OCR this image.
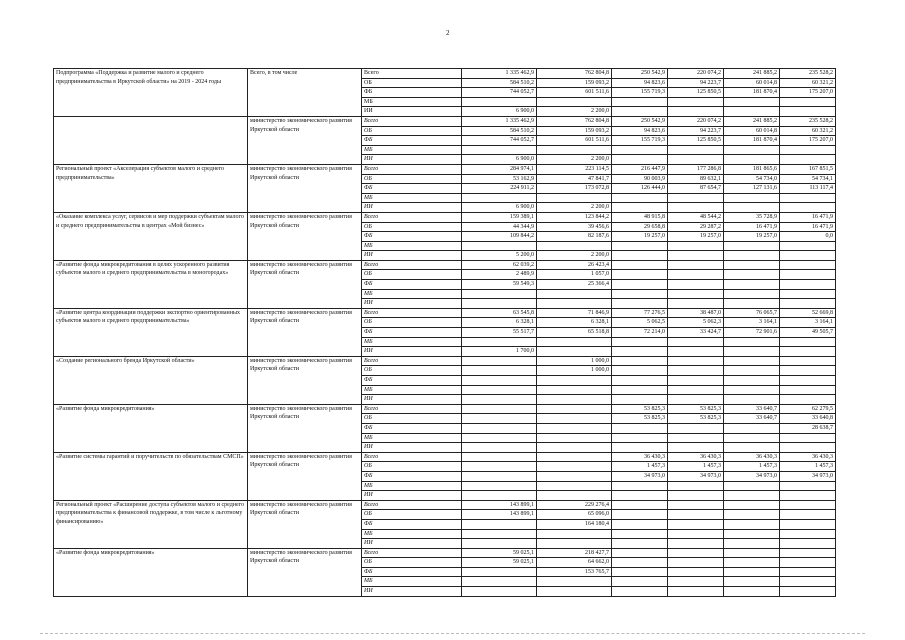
2
Подпрограмма «Поддержка и развитие малого и среднего предпринимательства в Иркутской области» на 2019 - 2024 годы	Всего, в том числе	Всего	1 335 462,9	762 804,8	250 542,9	220 074,2	241 885,2	235 528,2
		ОБ	584 510,2	159 093,2	94 823,6	94 223,7	60 014,8	60 321,2
		ФБ	744 052,7	601 511,6	155 719,3	125 850,5	181 870,4	175 207,0
		МБ						
		ИИ	6 900,0	2 200,0				
	министерство экономического развития Иркутской области	Всего	1 335 462,9	762 804,8	250 542,9	220 074,2	241 885,2	235 528,2
		ОБ	584 510,2	159 093,2	94 823,6	94 223,7	60 014,8	60 321,2
		ФБ	744 052,7	601 511,6	155 719,3	125 850,5	181 870,4	175 207,0
		МБ						
		ИИ	6 900,0	2 200,0				
Региональный проект «Акселерация субъектов малого и среднего предпринимательства»	министерство экономического развития Иркутской области	Всего	284 974,1	223 114,5	216 447,9	177 286,8	181 865,6	167 851,5
		ОБ	53 162,9	47 841,7	90 003,9	89 632,1	54 734,0	54 734,1
		ФБ	224 911,2	173 072,8	126 444,0	87 654,7	127 131,6	113 117,4
		МБ						
		ИИ	6 900,0	2 200,0				
«Оказание комплекса услуг, сервисов и мер поддержки субъектам малого и среднего предпринимательства в центрах «Мой бизнес»	министерство экономического развития Иркутской области	Всего	159 389,1	123 844,2	48 915,8	48 544,2	35 728,9	16 471,9
		ОБ	44 344,9	39 456,6	29 658,8	29 287,2	16 471,9	16 471,9
		ФБ	109 844,2	82 187,6	19 257,0	19 257,0	19 257,0	0,0
		МБ						
		ИИ	5 200,0	2 200,0				
«Развитие фонда микрокредитования в целях ускоренного развития субъектов малого и среднего предпринимательства в моногородах»	министерство экономического развития Иркутской области	Всего	62 039,2	26 423,4				
		ОБ	2 489,9	1 057,0				
		ФБ	59 549,3	25 366,4				
		МБ						
		ИИ						
«Развитие центра координации поддержки экспортно ориентированных субъектов малого и среднего предпринимательства»	министерство экономического развития Иркутской области	Всего	63 545,8	71 846,9	77 276,5	38 487,0	76 065,7	52 669,8
		ОБ	6 328,1	6 328,1	5 062,5	5 062,3	3 164,1	3 164,1
		ФБ	55 517,7	65 518,8	72 214,0	33 424,7	72 901,6	49 505,7
		МБ						
		ИИ	1 700,0					
«Создание регионального бренда Иркутской области»	министерство экономического развития Иркутской области	Всего		1 000,0				
		ОБ		1 000,0				
		ФБ						
		МБ						
		ИИ						
«Развитие фонда микрокредитования»	министерство экономического развития Иркутской области	Всего			53 825,3	53 825,3	33 640,7	62 279,5
		ОБ			53 825,3	53 825,3	33 640,7	33 640,8
		ФБ						28 638,7
		МБ						
		ИИ						
«Развитие системы гарантий и поручительств по обязательствам СМСП»	министерство экономического развития Иркутской области	Всего			36 430,3	36 430,3	36 430,3	36 430,3
		ОБ			1 457,3	1 457,3	1 457,3	1 457,3
		ФБ			34 973,0	34 973,0	34 973,0	34 973,0
		МБ						
		ИИ						
Региональный проект «Расширение доступа субъектов малого и среднего предпринимательства к финансовой поддержке, в том числе к льготному финансированию»	министерство экономического развития Иркутской области	Всего	143 899,1	229 276,4				
		ОБ	143 899,1	65 096,0				
		ФБ		164 180,4				
		МБ						
		ИИ						
«Развитие фонда микрокредитования»	министерство экономического развития Иркутской области	Всего	59 025,1	218 427,7				
		ОБ	59 025,1	64 662,0				
		ФБ		153 765,7				
		МБ						
		ИИ						
